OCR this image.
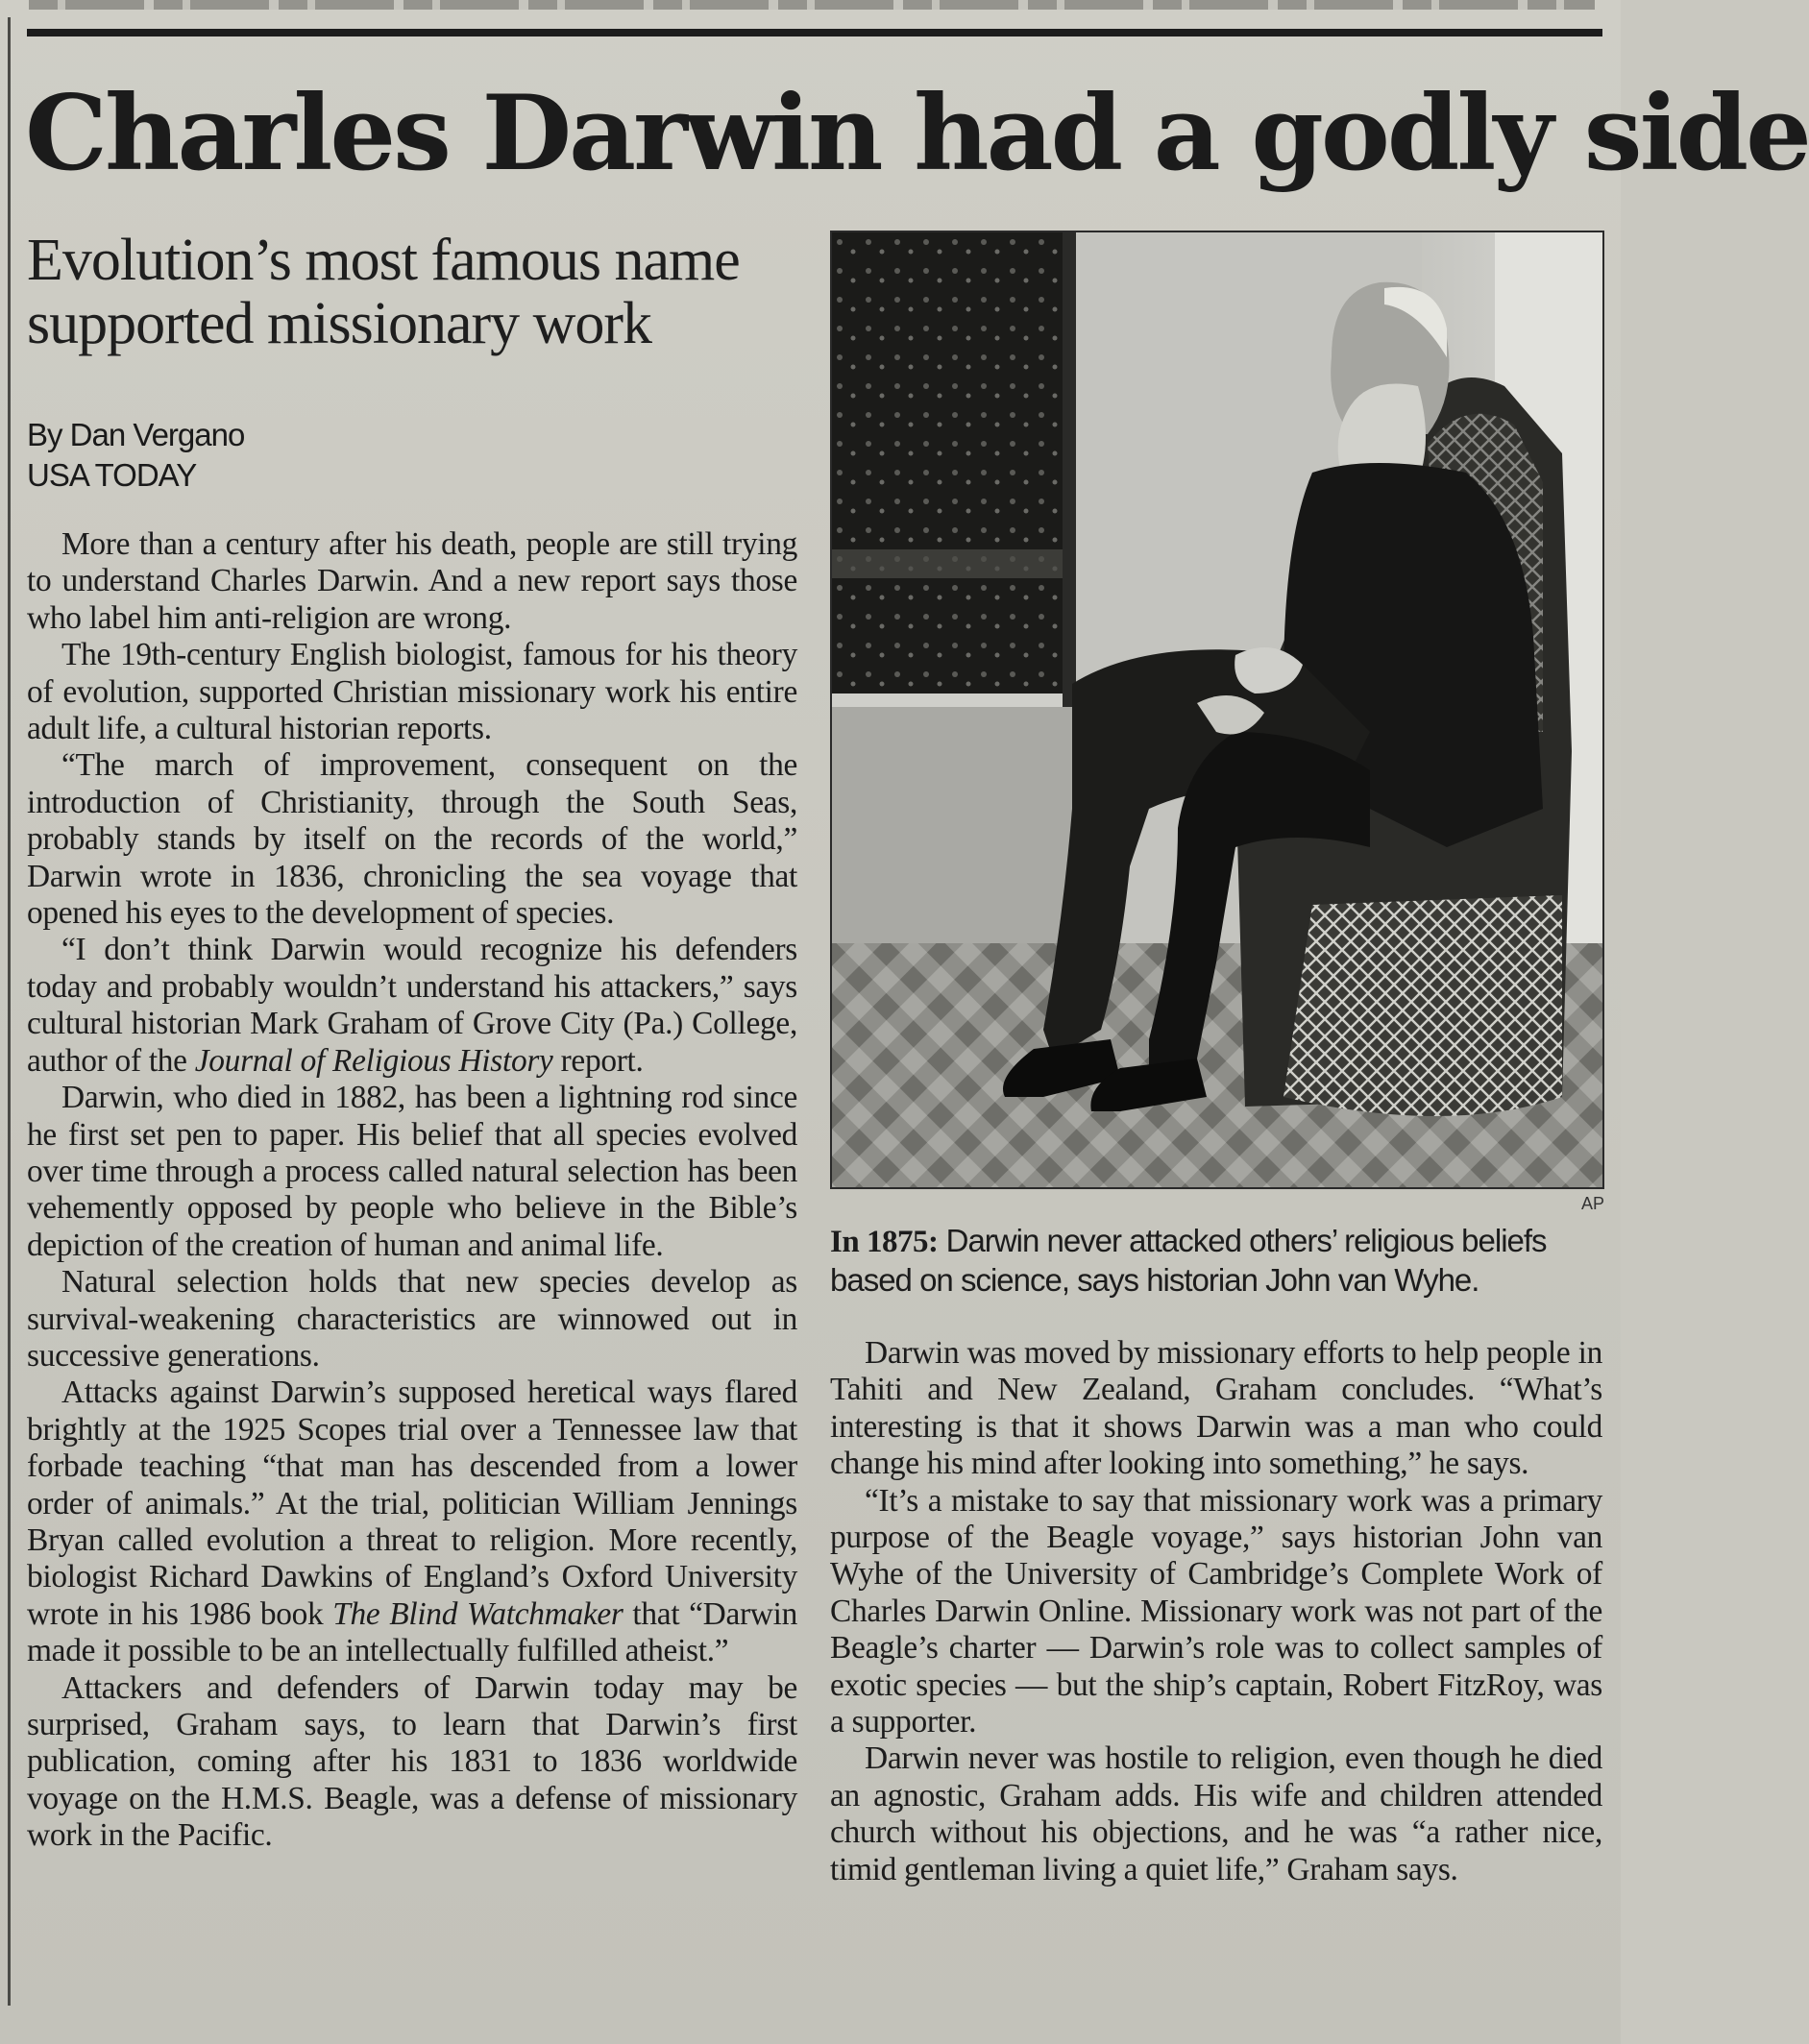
Charles Darwin had a godly side
Evolution’s most famous name supported missionary work
By Dan Vergano
USA TODAY

More than a century after his death, people are still trying to understand Charles Darwin. And a new report says those who label him anti-religion are wrong.

The 19th-century English biologist, famous for his theory of evolution, supported Christian missionary work his entire adult life, a cultural historian reports.

“The march of improvement, consequent on the introduction of Christianity, through the South Seas, probably stands by itself on the records of the world,” Darwin wrote in 1836, chronicling the sea voyage that opened his eyes to the development of species.

“I don’t think Darwin would recognize his defenders today and probably wouldn’t understand his attackers,” says cultural historian Mark Graham of Grove City (Pa.) College, author of the Journal of Religious History report.

Darwin, who died in 1882, has been a lightning rod since he first set pen to paper. His belief that all species evolved over time through a process called natural selection has been vehemently opposed by people who believe in the Bible’s depiction of the creation of human and animal life.

Natural selection holds that new species develop as survival-weakening characteristics are winnowed out in successive generations.

Attacks against Darwin’s supposed heretical ways flared brightly at the 1925 Scopes trial over a Tennessee law that forbade teaching “that man has descended from a lower order of animals.” At the trial, politician William Jennings Bryan called evolution a threat to religion. More recently, biologist Richard Dawkins of England’s Oxford University wrote in his 1986 book The Blind Watchmaker that “Darwin made it possible to be an intellectually fulfilled atheist.”

Attackers and defenders of Darwin today may be surprised, Graham says, to learn that Darwin’s first publication, coming after his 1831 to 1836 worldwide voyage on the H.M.S. Beagle, was a defense of missionary work in the Pacific.

AP
In 1875: Darwin never attacked others’ religious beliefs based on science, says historian John van Wyhe.

Darwin was moved by missionary efforts to help people in Tahiti and New Zealand, Graham concludes. “What’s interesting is that it shows Darwin was a man who could change his mind after looking into something,” he says.

“It’s a mistake to say that missionary work was a primary purpose of the Beagle voyage,” says historian John van Wyhe of the University of Cambridge’s Complete Work of Charles Darwin Online. Missionary work was not part of the Beagle’s charter — Darwin’s role was to collect samples of exotic species — but the ship’s captain, Robert FitzRoy, was a supporter.

Darwin never was hostile to religion, even though he died an agnostic, Graham adds. His wife and children attended church without his objections, and he was “a rather nice, timid gentleman living a quiet life,” Graham says.
